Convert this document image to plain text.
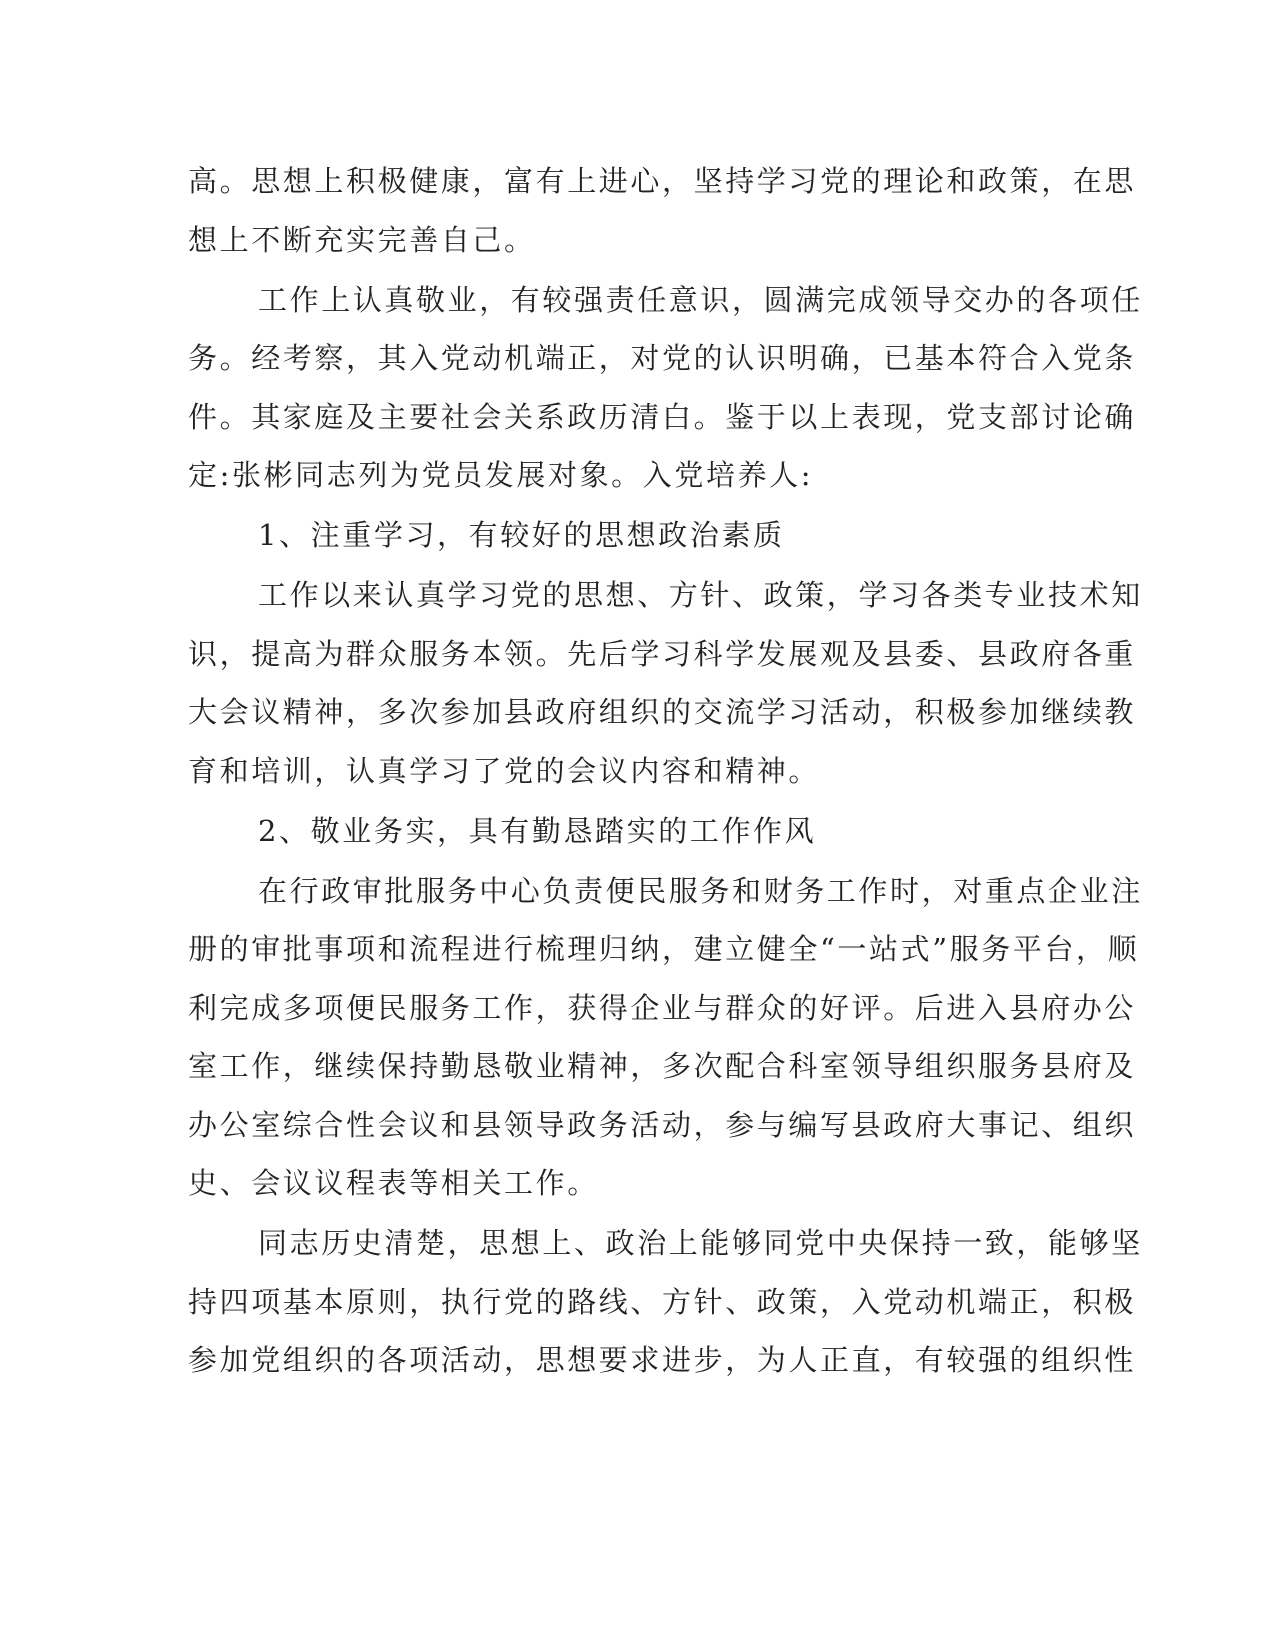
高。思想上积极健康，富有上进心，坚持学习党的理论和政策，在思
想上不断充实完善自己。

工作上认真敬业，有较强责任意识，圆满完成领导交办的各项任
务。经考察，其入党动机端正，对党的认识明确，已基本符合入党条
件。其家庭及主要社会关系政历清白。鉴于以上表现，党支部讨论确
定:张彬同志列为党员发展对象。入党培养人:

1、注重学习，有较好的思想政治素质

工作以来认真学习党的思想、方针、政策，学习各类专业技术知
识，提高为群众服务本领。先后学习科学发展观及县委、县政府各重
大会议精神，多次参加县政府组织的交流学习活动，积极参加继续教
育和培训，认真学习了党的会议内容和精神。

2、敬业务实，具有勤恳踏实的工作作风

在行政审批服务中心负责便民服务和财务工作时，对重点企业注
册的审批事项和流程进行梳理归纳，建立健全“一站式”服务平台，顺
利完成多项便民服务工作，获得企业与群众的好评。后进入县府办公
室工作，继续保持勤恳敬业精神，多次配合科室领导组织服务县府及
办公室综合性会议和县领导政务活动，参与编写县政府大事记、组织
史、会议议程表等相关工作。

同志历史清楚，思想上、政治上能够同党中央保持一致，能够坚
持四项基本原则，执行党的路线、方针、政策，入党动机端正，积极
参加党组织的各项活动，思想要求进步，为人正直，有较强的组织性
